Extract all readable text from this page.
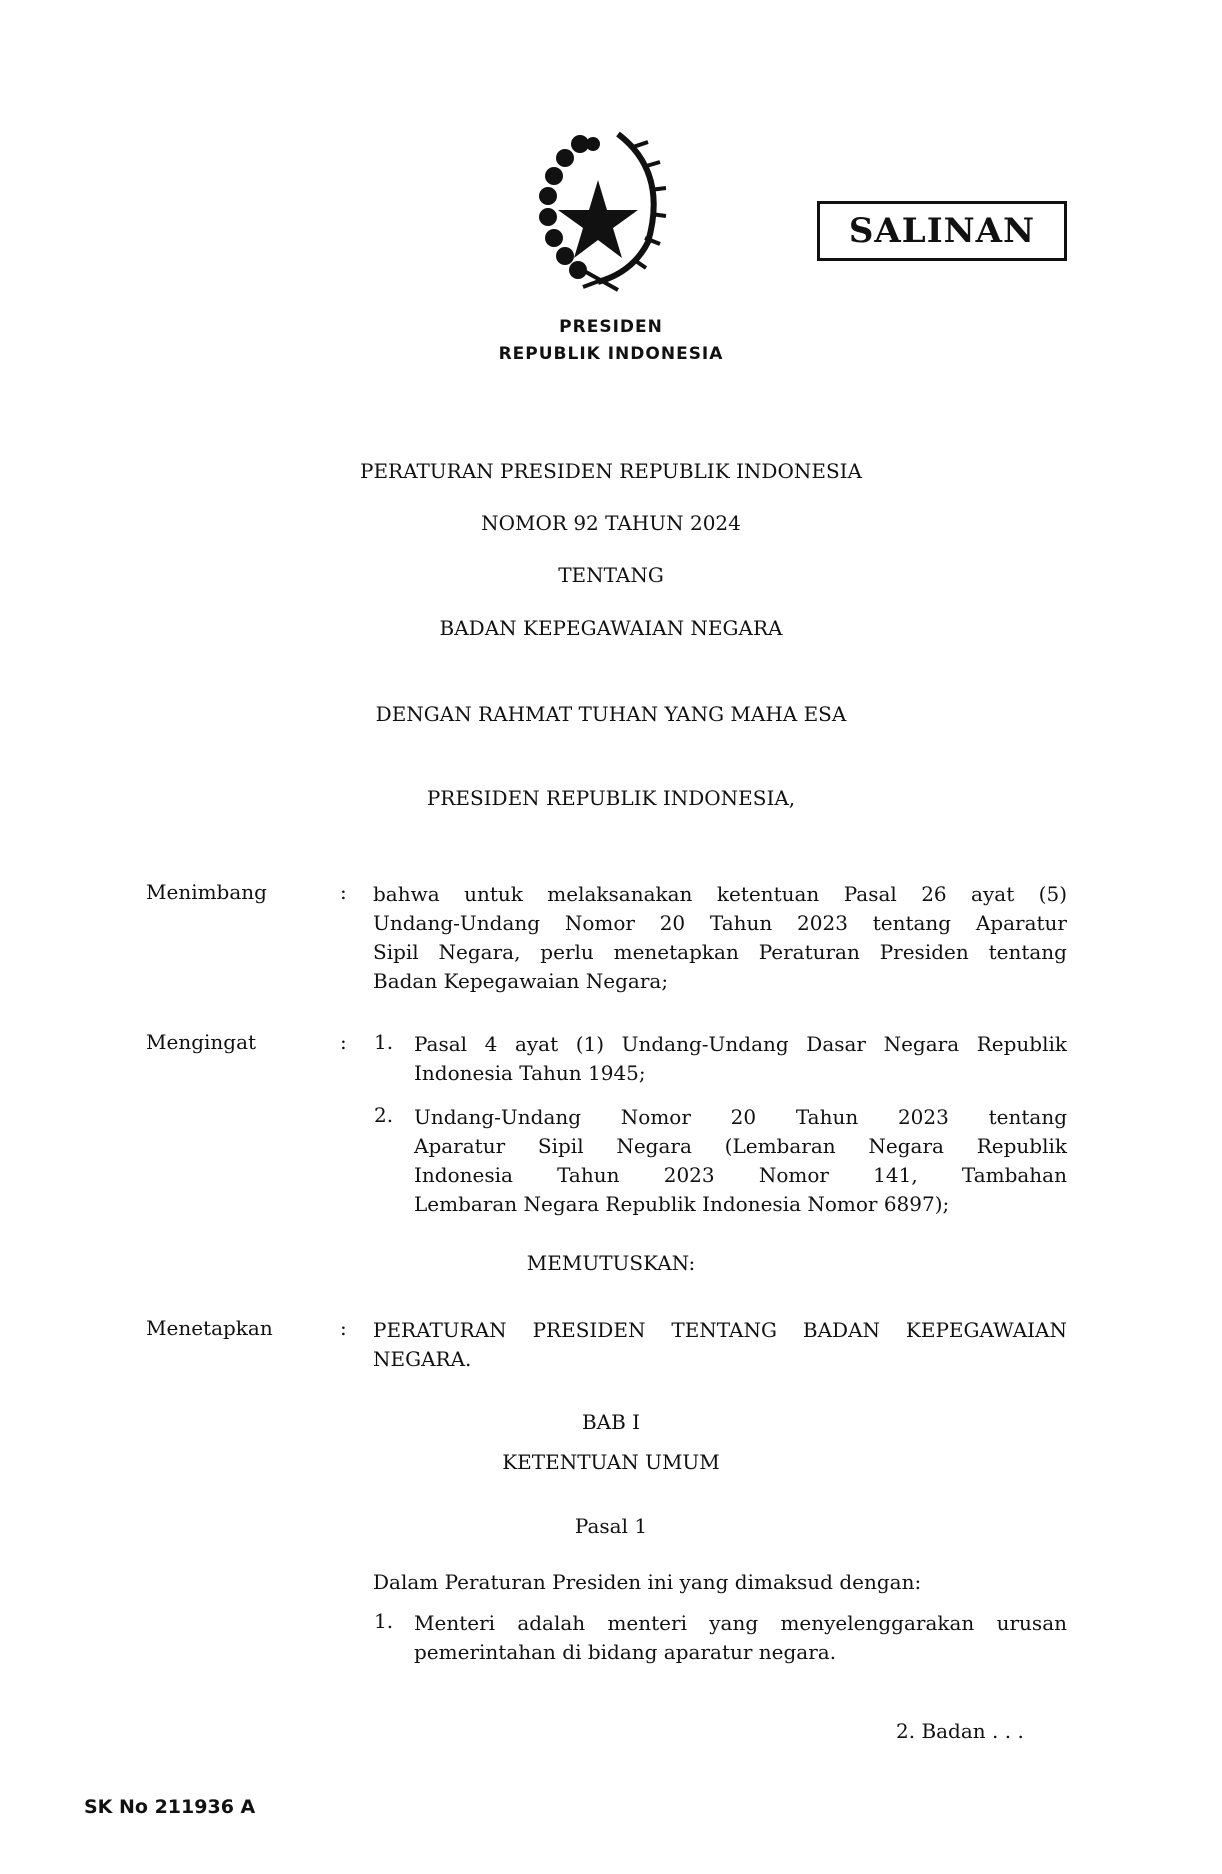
SALINAN
PRESIDEN
REPUBLIK INDONESIA
PERATURAN PRESIDEN REPUBLIK INDONESIA
NOMOR 92 TAHUN 2024
TENTANG
BADAN KEPEGAWAIAN NEGARA
DENGAN RAHMAT TUHAN YANG MAHA ESA
PRESIDEN REPUBLIK INDONESIA,
Menimbang	: bahwa untuk melaksanakan ketentuan Pasal 26 ayat (5)
Undang-Undang Nomor 20 Tahun 2023 tentang Aparatur
Sipil Negara, perlu menetapkan Peraturan Presiden tentang
Badan Kepegawaian Negara;
Mengingat	: 1. Pasal 4 ayat (1) Undang-Undang Dasar Negara Republik
Indonesia Tahun 1945;
2. Undang-Undang Nomor 20 Tahun 2023 tentang
Aparatur Sipil Negara (Lembaran Negara Republik
Indonesia Tahun 2023 Nomor 141, Tambahan
Lembaran Negara Republik Indonesia Nomor 6897);
MEMUTUSKAN:
Menetapkan	: PERATURAN PRESIDEN TENTANG BADAN KEPEGAWAIAN
NEGARA.
BAB I
KETENTUAN UMUM
Pasal 1
Dalam Peraturan Presiden ini yang dimaksud dengan:
1. Menteri adalah menteri yang menyelenggarakan urusan
pemerintahan di bidang aparatur negara.
2. Badan . . .
SK No 211936 A
